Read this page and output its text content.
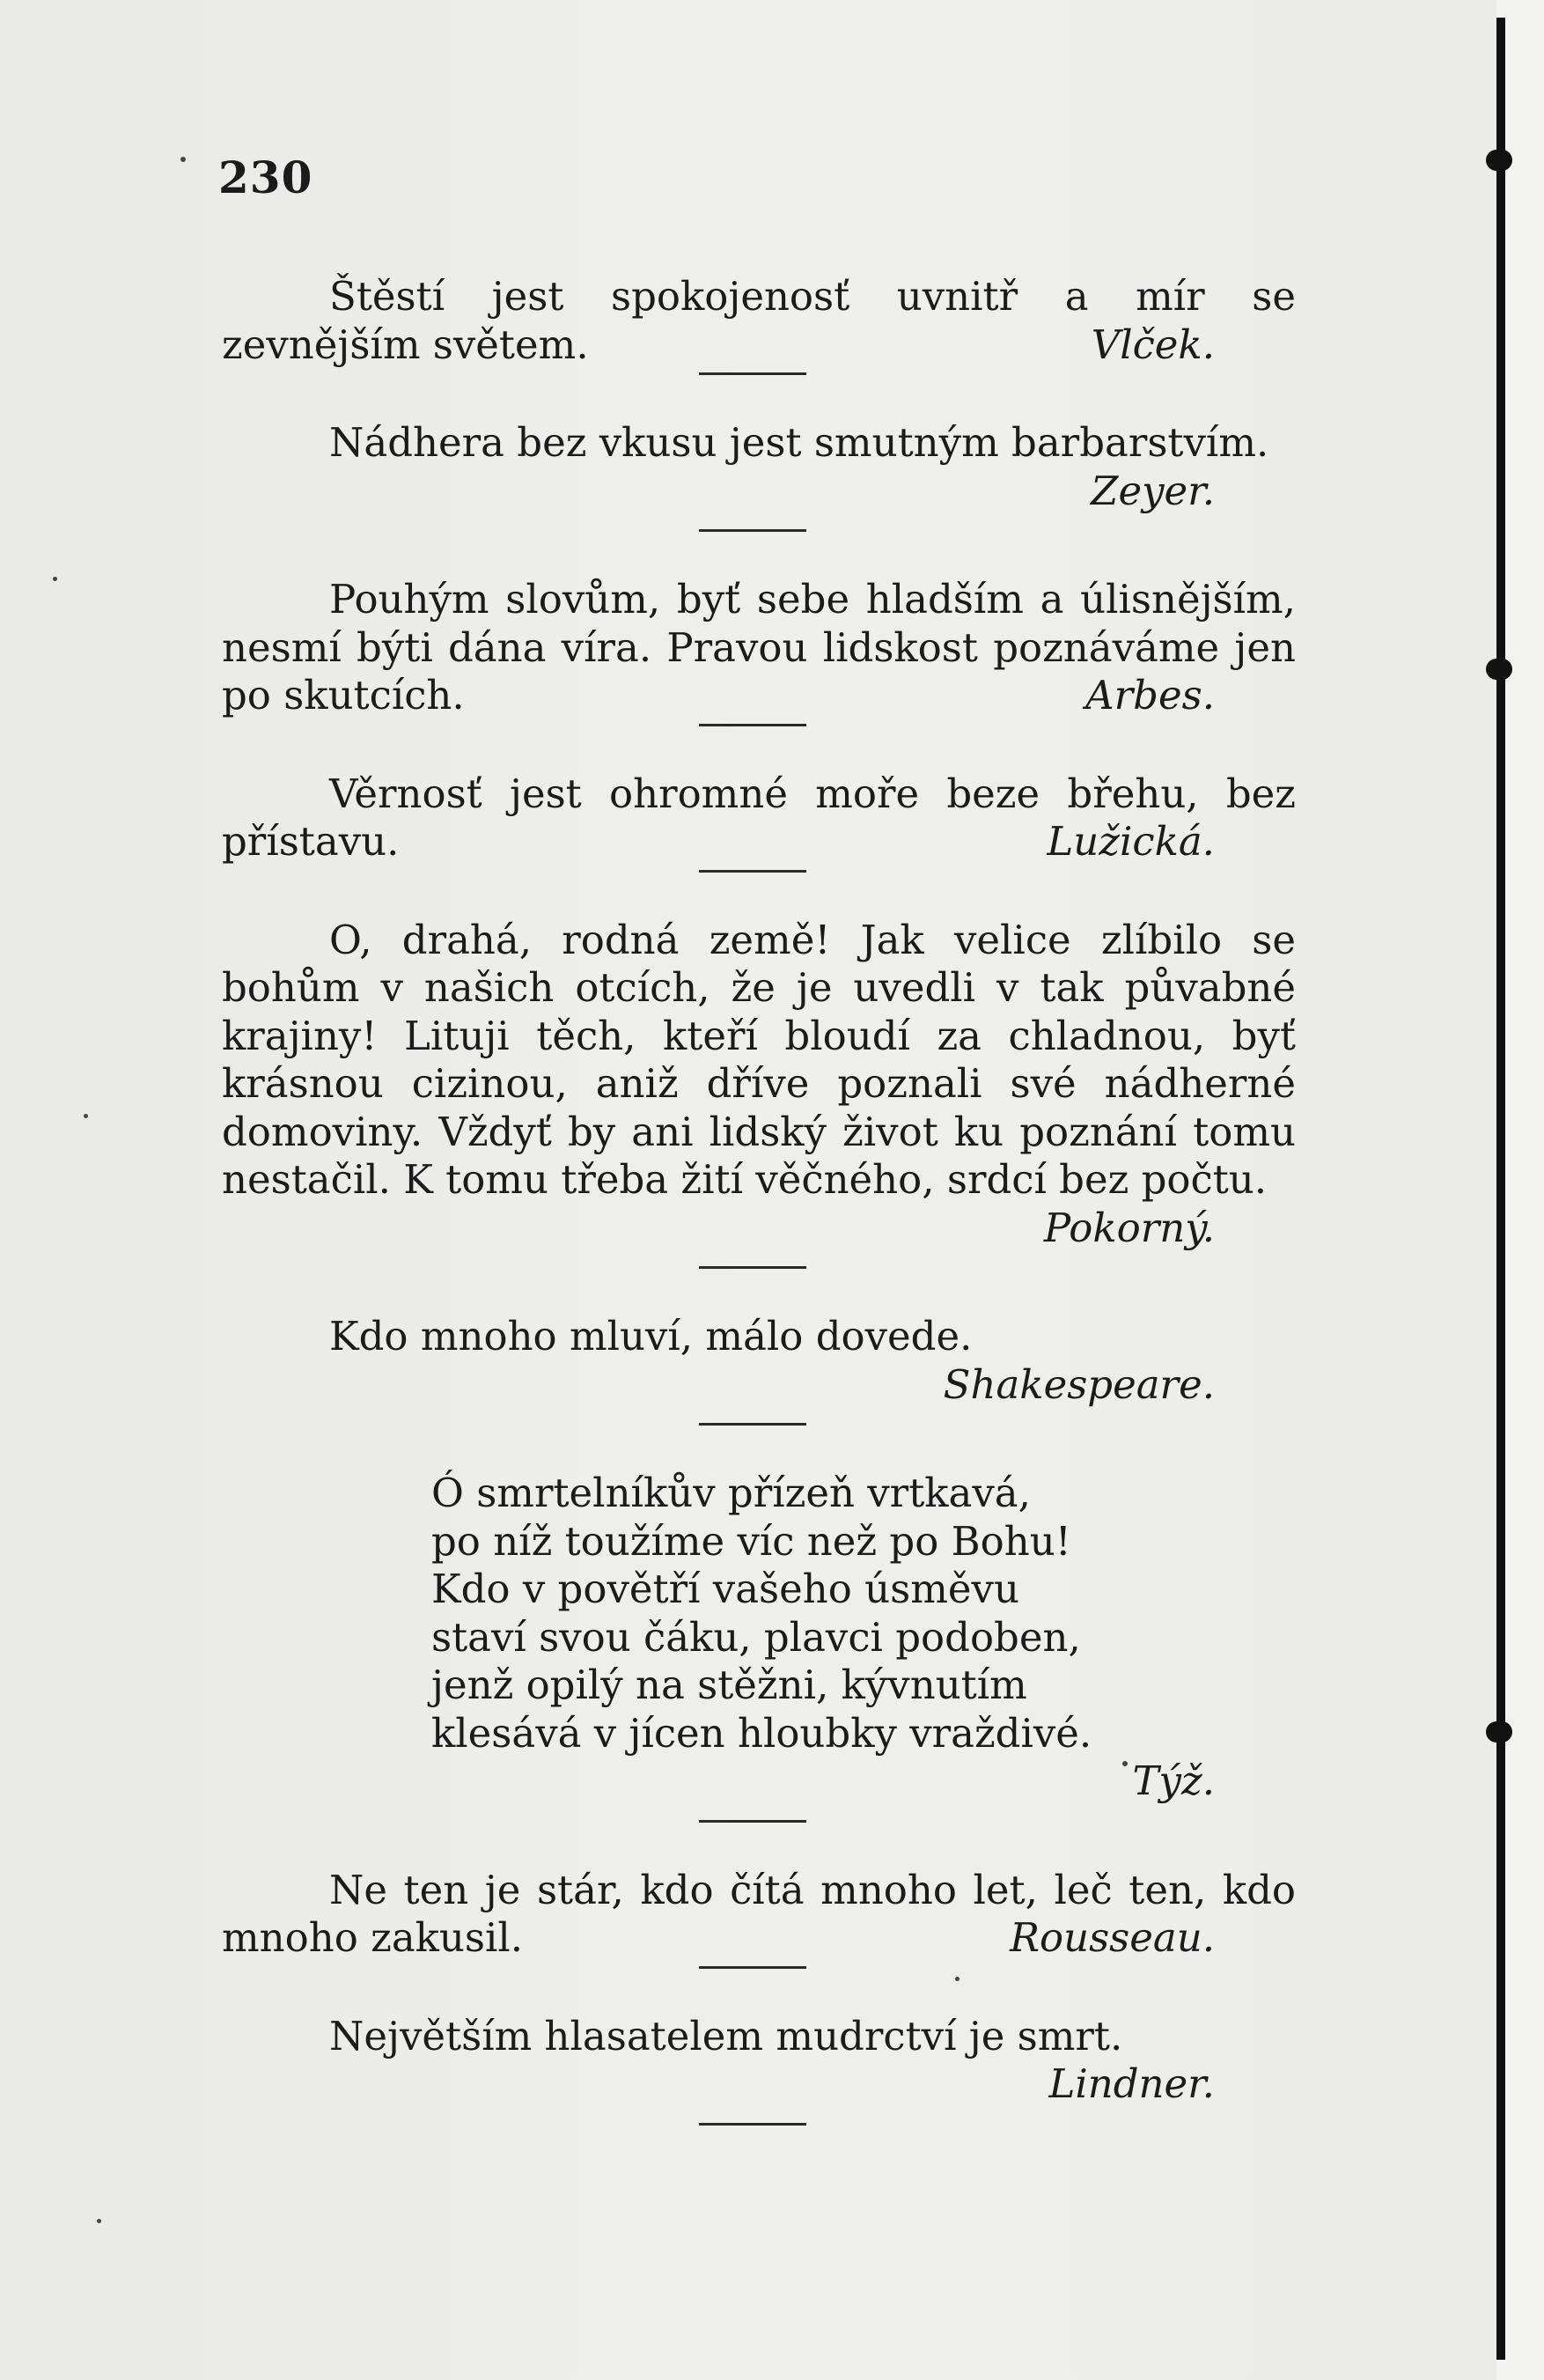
230

Štěstí jest spokojenosť uvnitř a mír se zevnějším světem.	Vlček.

Nádhera bez vkusu jest smutným barbarstvím.

Zeyer.

Pouhým slovům, byť sebe hladším a úlisnějším, nesmí býti dána víra. Pravou lidskost poznáváme jen po skutcích.	Arbes.

Věrnosť jest ohromné moře beze břehu, bez přístavu.	Lužická.

O, drahá, rodná země! Jak velice zlíbilo se bohům v našich otcích, že je uvedli v tak půvabné krajiny! Lituji těch, kteří bloudí za chladnou, byť krásnou cizinou, aniž dříve poznali své nádherné domoviny. Vždyť by ani lidský život ku poznání tomu nestačil. K tomu třeba žití věčného, srdcí bez počtu.

Pokorný.

Kdo mnoho mluví, málo dovede.

Shakespeare.
Ó smrtelníkův přízeň vrtkavá,
po níž toužíme víc než po Bohu!
Kdo v povětří vašeho úsměvu
staví svou čáku, plavci podoben,
jenž opilý na stěžni, kývnutím
klesává v jícen hloubky vraždivé.
Týž.

Ne ten je stár, kdo čítá mnoho let, leč ten, kdo mnoho zakusil.	Rousseau.

Největším hlasatelem mudrctví je smrt.

Lindner.
